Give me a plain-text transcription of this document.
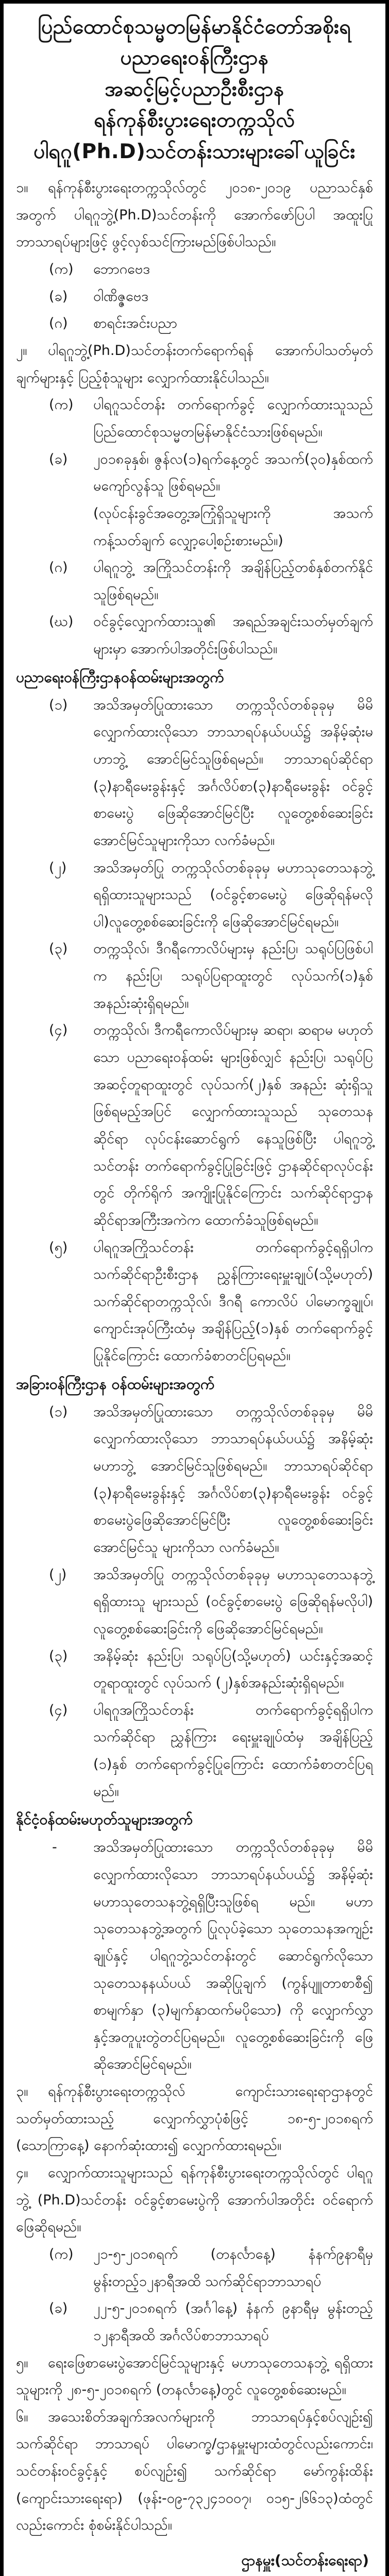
ပြည်ထောင်စုသမ္မတမြန်မာနိုင်ငံတော်အစိုးရ
ပညာရေးဝန်ကြီးဌာန
အဆင့်မြင့်ပညာဦးစီးဌာန
ရန်ကုန်စီးပွားရေးတက္ကသိုလ်
ပါရဂူ(Ph.D)သင်တန်းသားများခေါ်ယူခြင်း
၁။ ရန်ကုန်စီးပွားရေးတက္ကသိုလ်တွင် ၂၀၁၈-၂၀၁၉ ပညာသင်နှစ်အတွက် ပါရဂူဘွဲ့(Ph.D)သင်တန်းကို အောက်ဖော်ပြပါ အထူးပြုဘာသာရပ်များဖြင့် ဖွင့်လှစ်သင်ကြားမည်ဖြစ်ပါသည်။
(က) ဘောဂဗေဒ
(ခ) ဝါဏိဇ္ဇဗေဒ
(ဂ) စာရင်းအင်းပညာ
၂။ ပါရဂူဘွဲ့(Ph.D)သင်တန်းတက်ရောက်ရန် အောက်ပါသတ်မှတ်ချက်များနှင့် ပြည့်စုံသူများ လျှောက်ထားနိုင်ပါသည်။
(က) ပါရဂူသင်တန်း တက်ရောက်ခွင့် လျှောက်ထားသူသည် ပြည်ထောင်စုသမ္မတမြန်မာနိုင်ငံသားဖြစ်ရမည်။
(ခ) ၂၀၁၈ခုနှစ်၊ ဇွန်လ(၁)ရက်နေ့တွင် အသက်(၃၀)နှစ်ထက် မကျော်လွန်သူ ဖြစ်ရမည်။
(လုပ်ငန်းခွင်အတွေ့အကြုံရှိသူများကို အသက်ကန့်သတ်ချက် လျှော့ပေါ့စဉ်းစားမည်။)
(ဂ) ပါရဂူဘွဲ့ အကြိုသင်တန်းကို အချိန်ပြည့်တစ်နှစ်တက်နိုင်သူဖြစ်ရမည်။
(ဃ) ဝင်ခွင့်လျှောက်ထားသူ၏ အရည်အချင်းသတ်မှတ်ချက်များမှာ အောက်ပါအတိုင်းဖြစ်ပါသည်။
ပညာရေးဝန်ကြီးဌာနဝန်ထမ်းများအတွက်
(၁) အသိအမှတ်ပြုထားသော တက္ကသိုလ်တစ်ခုခုမှ မိမိလျှောက်ထားလိုသော ဘာသာရပ်နယ်ပယ်၌ အနိမ့်ဆုံးမဟာဘွဲ့ အောင်မြင်သူဖြစ်ရမည်။ ဘာသာရပ်ဆိုင်ရာ (၃)နာရီမေးခွန်းနှင့် အင်္ဂလိပ်စာ(၃)နာရီမေးခွန်း ဝင်ခွင့်စာမေးပွဲ ဖြေဆိုအောင်မြင်ပြီး လူတွေ့စစ်ဆေးခြင်း အောင်မြင်သူများကိုသာ လက်ခံမည်။
(၂) အသိအမှတ်ပြု တက္ကသိုလ်တစ်ခုခုမှ မဟာသုတေသနဘွဲ့ ရရှိထားသူများသည် (ဝင်ခွင့်စာမေးပွဲ ဖြေဆိုရန်မလိုပါ)လူတွေ့စစ်ဆေးခြင်းကို ဖြေဆိုအောင်မြင်ရမည်။
(၃) တက္ကသိုလ်၊ ဒီဂရီကောလိပ်များမှ နည်းပြ၊ သရုပ်ပြဖြစ်ပါက နည်းပြ၊ သရုပ်ပြရာထူးတွင် လုပ်သက်(၁)နှစ်အနည်းဆုံးရှိရမည်။
(၄) တက္ကသိုလ်၊ ဒီကရီကောလိပ်များမှ ဆရာ၊ ဆရာမ မဟုတ်သော ပညာရေးဝန်ထမ်း များဖြစ်လျှင် နည်းပြ၊ သရုပ်ပြ အဆင့်တူရာထူးတွင် လုပ်သက်(၂)နှစ် အနည်း ဆုံးရှိသူဖြစ်ရမည့်အပြင် လျှောက်ထားသူသည် သုတေသနဆိုင်ရာ လုပ်ငန်းဆောင်ရွက် နေသူဖြစ်ပြီး ပါရဂူဘွဲ့သင်တန်း တက်ရောက်ခွင့်ပြုခြင်းဖြင့် ဌာနဆိုင်ရာလုပ်ငန်းတွင် တိုက်ရိုက် အကျိုးပြုနိုင်ကြောင်း သက်ဆိုင်ရာဌာနဆိုင်ရာအကြီးအကဲက ထောက်ခံသူဖြစ်ရမည်။
(၅) ပါရဂူအကြိုသင်တန်း တက်ရောက်ခွင့်ရရှိပါက သက်ဆိုင်ရာဦးစီးဌာန ညွှန်ကြားရေးမှူးချုပ်(သို့မဟုတ်) သက်ဆိုင်ရာတက္ကသိုလ်၊ ဒီဂရီ ကောလိပ် ပါမောက္ခချုပ်၊ ကျောင်းအုပ်ကြီးထံမှ အချိန်ပြည့်(၁)နှစ် တက်ရောက်ခွင့်ပြုနိုင်ကြောင်း ထောက်ခံစာတင်ပြရမည်။
အခြားဝန်ကြီးဌာန ဝန်ထမ်းများအတွက်
(၁) အသိအမှတ်ပြုထားသော တက္ကသိုလ်တစ်ခုခုမှ မိမိလျှောက်ထားလိုသော ဘာသာရပ်နယ်ပယ်၌ အနိမ့်ဆုံး မဟာဘွဲ့ အောင်မြင်သူဖြစ်ရမည်။ ဘာသာရပ်ဆိုင်ရာ (၃)နာရီမေးခွန်းနှင့် အင်္ဂလိပ်စာ(၃)နာရီမေးခွန်း ဝင်ခွင့်စာမေးပွဲဖြေဆိုအောင်မြင်ပြီး လူတွေ့စစ်ဆေးခြင်း အောင်မြင်သူ များကိုသာ လက်ခံမည်။
(၂) အသိအမှတ်ပြု တက္ကသိုလ်တစ်ခုခုမှ မဟာသုတေသနဘွဲ့ ရရှိထားသူ များသည် (ဝင်ခွင့်စာမေးပွဲ ဖြေဆိုရန်မလိုပါ) လူတွေ့စစ်ဆေးခြင်းကို ဖြေဆိုအောင်မြင်ရမည်။
(၃) အနိမ့်ဆုံး နည်းပြ၊ သရုပ်ပြ(သို့မဟုတ်) ယင်းနှင့်အဆင့်တူရာထူးတွင် လုပ်သက် (၂)နှစ်အနည်းဆုံးရှိရမည်။
(၄) ပါရဂူအကြိုသင်တန်း တက်ရောက်ခွင့်ရရှိပါက သက်ဆိုင်ရာ ညွှန်ကြား ရေးမှူးချုပ်ထံမှ အချိန်ပြည့် (၁)နှစ် တက်ရောက်ခွင့်ပြုကြောင်း ထောက်ခံစာတင်ပြရမည်။
နိုင်ငံ့ဝန်ထမ်းမဟုတ်သူများအတွက်
-	အသိအမှတ်ပြုထားသော တက္ကသိုလ်တစ်ခုခုမှ မိမိလျှောက်ထားလိုသော ဘာသာရပ်နယ်ပယ်၌ အနိမ့်ဆုံး မဟာသုတေသနဘွဲ့ရရှိပြီးသူဖြစ်ရ မည်။ မဟာသုတေသနဘွဲ့အတွက် ပြုလုပ်ခဲ့သော သုတေသနအကျဉ်း ချုပ်နှင့် ပါရဂူဘွဲ့သင်တန်းတွင် ဆောင်ရွက်လိုသော သုတေသနနယ်ပယ် အဆိုပြုချက် (ကွန်ပျူတာစာစီ၍ စာမျက်နှာ (၃)မျက်နှာထက်မပိုသော) ကို လျှောက်လွှာနှင့်အတူပူးတွဲတင်ပြရမည်။ လူတွေ့စစ်ဆေးခြင်းကို ဖြေဆိုအောင်မြင်ရမည်။
၃။ ရန်ကုန်စီးပွားရေးတက္ကသိုလ် ကျောင်းသားရေးရာဌာနတွင် သတ်မှတ်ထားသည့် လျှောက်လွှာပုံစံဖြင့် ၁၈-၅-၂၀၁၈ရက် (သောကြာနေ့) နောက်ဆုံးထား၍ လျှောက်ထားရမည်။
၄။ လျှောက်ထားသူများသည် ရန်ကုန်စီးပွားရေးတက္ကသိုလ်တွင် ပါရဂူဘွဲ့ (Ph.D)သင်တန်း ဝင်ခွင့်စာမေးပွဲကို အောက်ပါအတိုင်း ဝင်ရောက်ဖြေဆိုရမည်။
(က) ၂၁-၅-၂၀၁၈ရက် (တနင်္လာနေ့) နံနက်၉နာရီမှ မွန်းတည့်၁၂နာရီအထိ သက်ဆိုင်ရာဘာသာရပ်
(ခ) ၂၂-၅-၂၀၁၈ရက် (အင်္ဂါနေ့) နံနက် ၉နာရီမှ မွန်းတည့် ၁၂နာရီအထိ အင်္ဂလိပ်စာဘာသာရပ်
၅။ ရေးဖြေစာမေးပွဲအောင်မြင်သူများနှင့် မဟာသုတေသနဘွဲ့ ရရှိထားသူများကို ၂၈-၅-၂၀၁၈ရက် (တနင်္လာနေ့)တွင် လူတွေ့စစ်ဆေးမည်။
၆။ အသေးစိတ်အချက်အလက်များကို ဘာသာရပ်နှင့်စပ်လျဉ်း၍ သက်ဆိုင်ရာ ဘာသာရပ် ပါမောက္ခ/ဌာနမှူးများထံတွင်လည်းကောင်း၊ သင်တန်းဝင်ခွင့်နှင့် စပ်လျဉ်း၍ သက်ဆိုင်ရာ မော်ကွန်းထိန်း (ကျောင်းသားရေးရာ) (ဖုန်း-၀၉-၇၃၂၄၁၀၀၇၊ ၀၁၅-၂၆၆၁၃)ထံတွင်လည်းကောင်း စုံစမ်းနိုင်ပါသည်။
ဌာနမှူး(သင်တန်းရေးရာ)
